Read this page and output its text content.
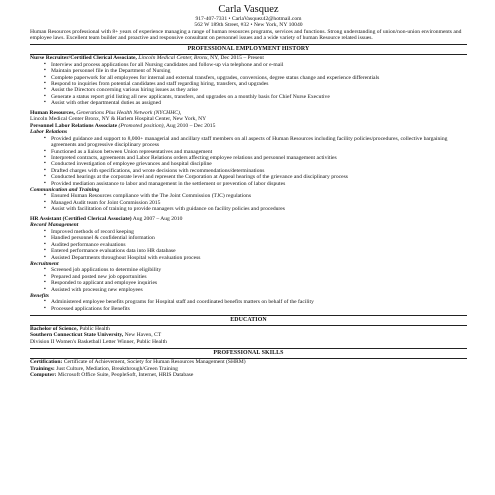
Carla Vasquez
917-407-7331 • CarlaVasquez42@hotmail.com
562 W 189th Street, #32 • New York, NY 10040
Human Resources professional with 8+ years of experience managing a range of human resources programs, services and functions. Strong understanding of union/non-union environments and employee laws. Excellent team builder and proactive and responsive consultant on personnel issues and a wide variety of human Resource related issues.
PROFESSIONAL EMPLOYMENT HISTORY
Nurse Recruiter/Certified Clerical Associate, Lincoln Medical Center, Bronx, NY, Dec 2015 – Present
▪ Interview and process applications for all Nursing candidates and follow-up via telephone and or e-mail
▪ Maintain personnel file in the Department of Nursing
▪ Complete paperwork for all employees for internal and external transfers, upgrades, conversions, degree status change and experience differentials
▪ Respond to inquiries from potential candidates and staff regarding hiring, transfers, and upgrades
▪ Assist the Directors concerning various hiring issues as they arise
▪ Generate a status report grid listing all new applicants, transfers, and upgrades on a monthly basis for Chief Nurse Executive
▪ Assist with other departmental duties as assigned
Human Resources, Generations Plus Health Network (NYCHHC),
Lincoln Medical Center Bronx, NY & Harlem Hospital Center, New York, NY
Personnel Labor Relations Associate (Promoted position), Aug 2010 – Dec 2015
Labor Relations
▪ Provided guidance and support to 8,000+ managerial and ancillary staff members on all aspects of Human Resources including facility policies/procedures, collective bargaining agreements and progressive disciplinary process
▪ Functioned as a liaison between Union representatives and management
▪ Interpreted contracts, agreements and Labor Relations orders affecting employee relations and personnel management activities
▪ Conducted investigation of employee grievances and hospital discipline
▪ Drafted charges with specifications, and wrote decisions with recommendations/determinations
▪ Conducted hearings at the corporate level and represent the Corporation at Appeal hearings of the grievance and disciplinary process
▪ Provided mediation assistance to labor and management in the settlement or prevention of labor disputes
Communication and Training
▪ Ensured Human Resources compliance with the The Joint Commission (TJC) regulations
▪ Managed Audit team for Joint Commission 2015
▪ Assist with facilitation of training to provide managers with guidance on facility policies and procedures
HR Assistant (Certified Clerical Associate) Aug 2007 – Aug 2010
Record Management
▪ Improved methods of record keeping
▪ Handled personnel & confidential information
▪ Audited performance evaluations
▪ Entered performance evaluations data into HR database
▪ Assisted Departments throughout Hospital with evaluation process
Recruitment
▪ Screened job applications to determine eligibility
▪ Prepared and posted new job opportunities
▪ Responded to applicant and employee inquiries
▪ Assisted with processing new employees
Benefits
▪ Administered employee benefits programs for Hospital staff and coordinated benefits matters on behalf of the facility
▪ Processed applications for Benefits
EDUCATION
Bachelor of Science, Public Health
Southern Connecticut State University, New Haven, CT
Division II Women's Basketball Letter Winner, Public Health
PROFESSIONAL SKILLS
Certification: Certificate of Achievement, Society for Human Resources Management (SHRM)
Trainings: Just Culture, Mediation, Breakthrough/Green Training
Computer: Microsoft Office Suite, PeopleSoft, Internet, HRIS Database
